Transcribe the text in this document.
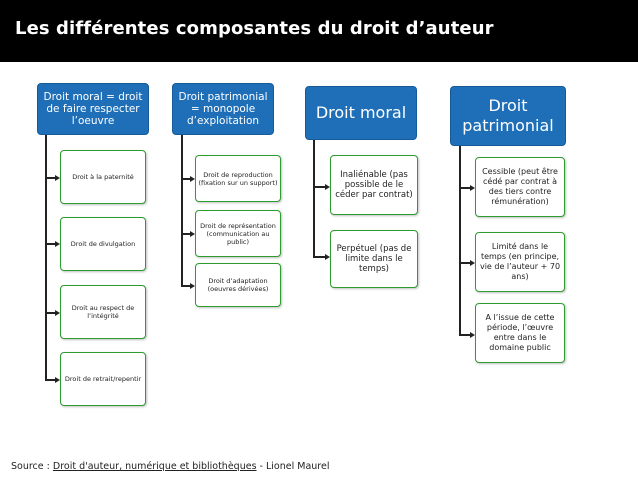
Les différentes composantes du droit d’auteur
Droit moral = droit de faire respecter l’oeuvre
Droit à la paternité
Droit de divulgation
Droit au respect de l’intégrité
Droit de retrait/repentir
Droit patrimonial = monopole d’exploitation
Droit de reproduction (fixation sur un support)
Droit de représentation (communication au public)
Droit d’adaptation (oeuvres dérivées)
Droit moral
Inaliénable (pas possible de le céder par contrat)
Perpétuel (pas de limite dans le temps)
Droit patrimonial
Cessible (peut être cédé par contrat à des tiers contre rémunération)
Limité dans le temps (en principe, vie de l’auteur + 70 ans)
A l’issue de cette période, l’œuvre entre dans le domaine public
Source : Droit d'auteur, numérique et bibliothèques - Lionel Maurel
